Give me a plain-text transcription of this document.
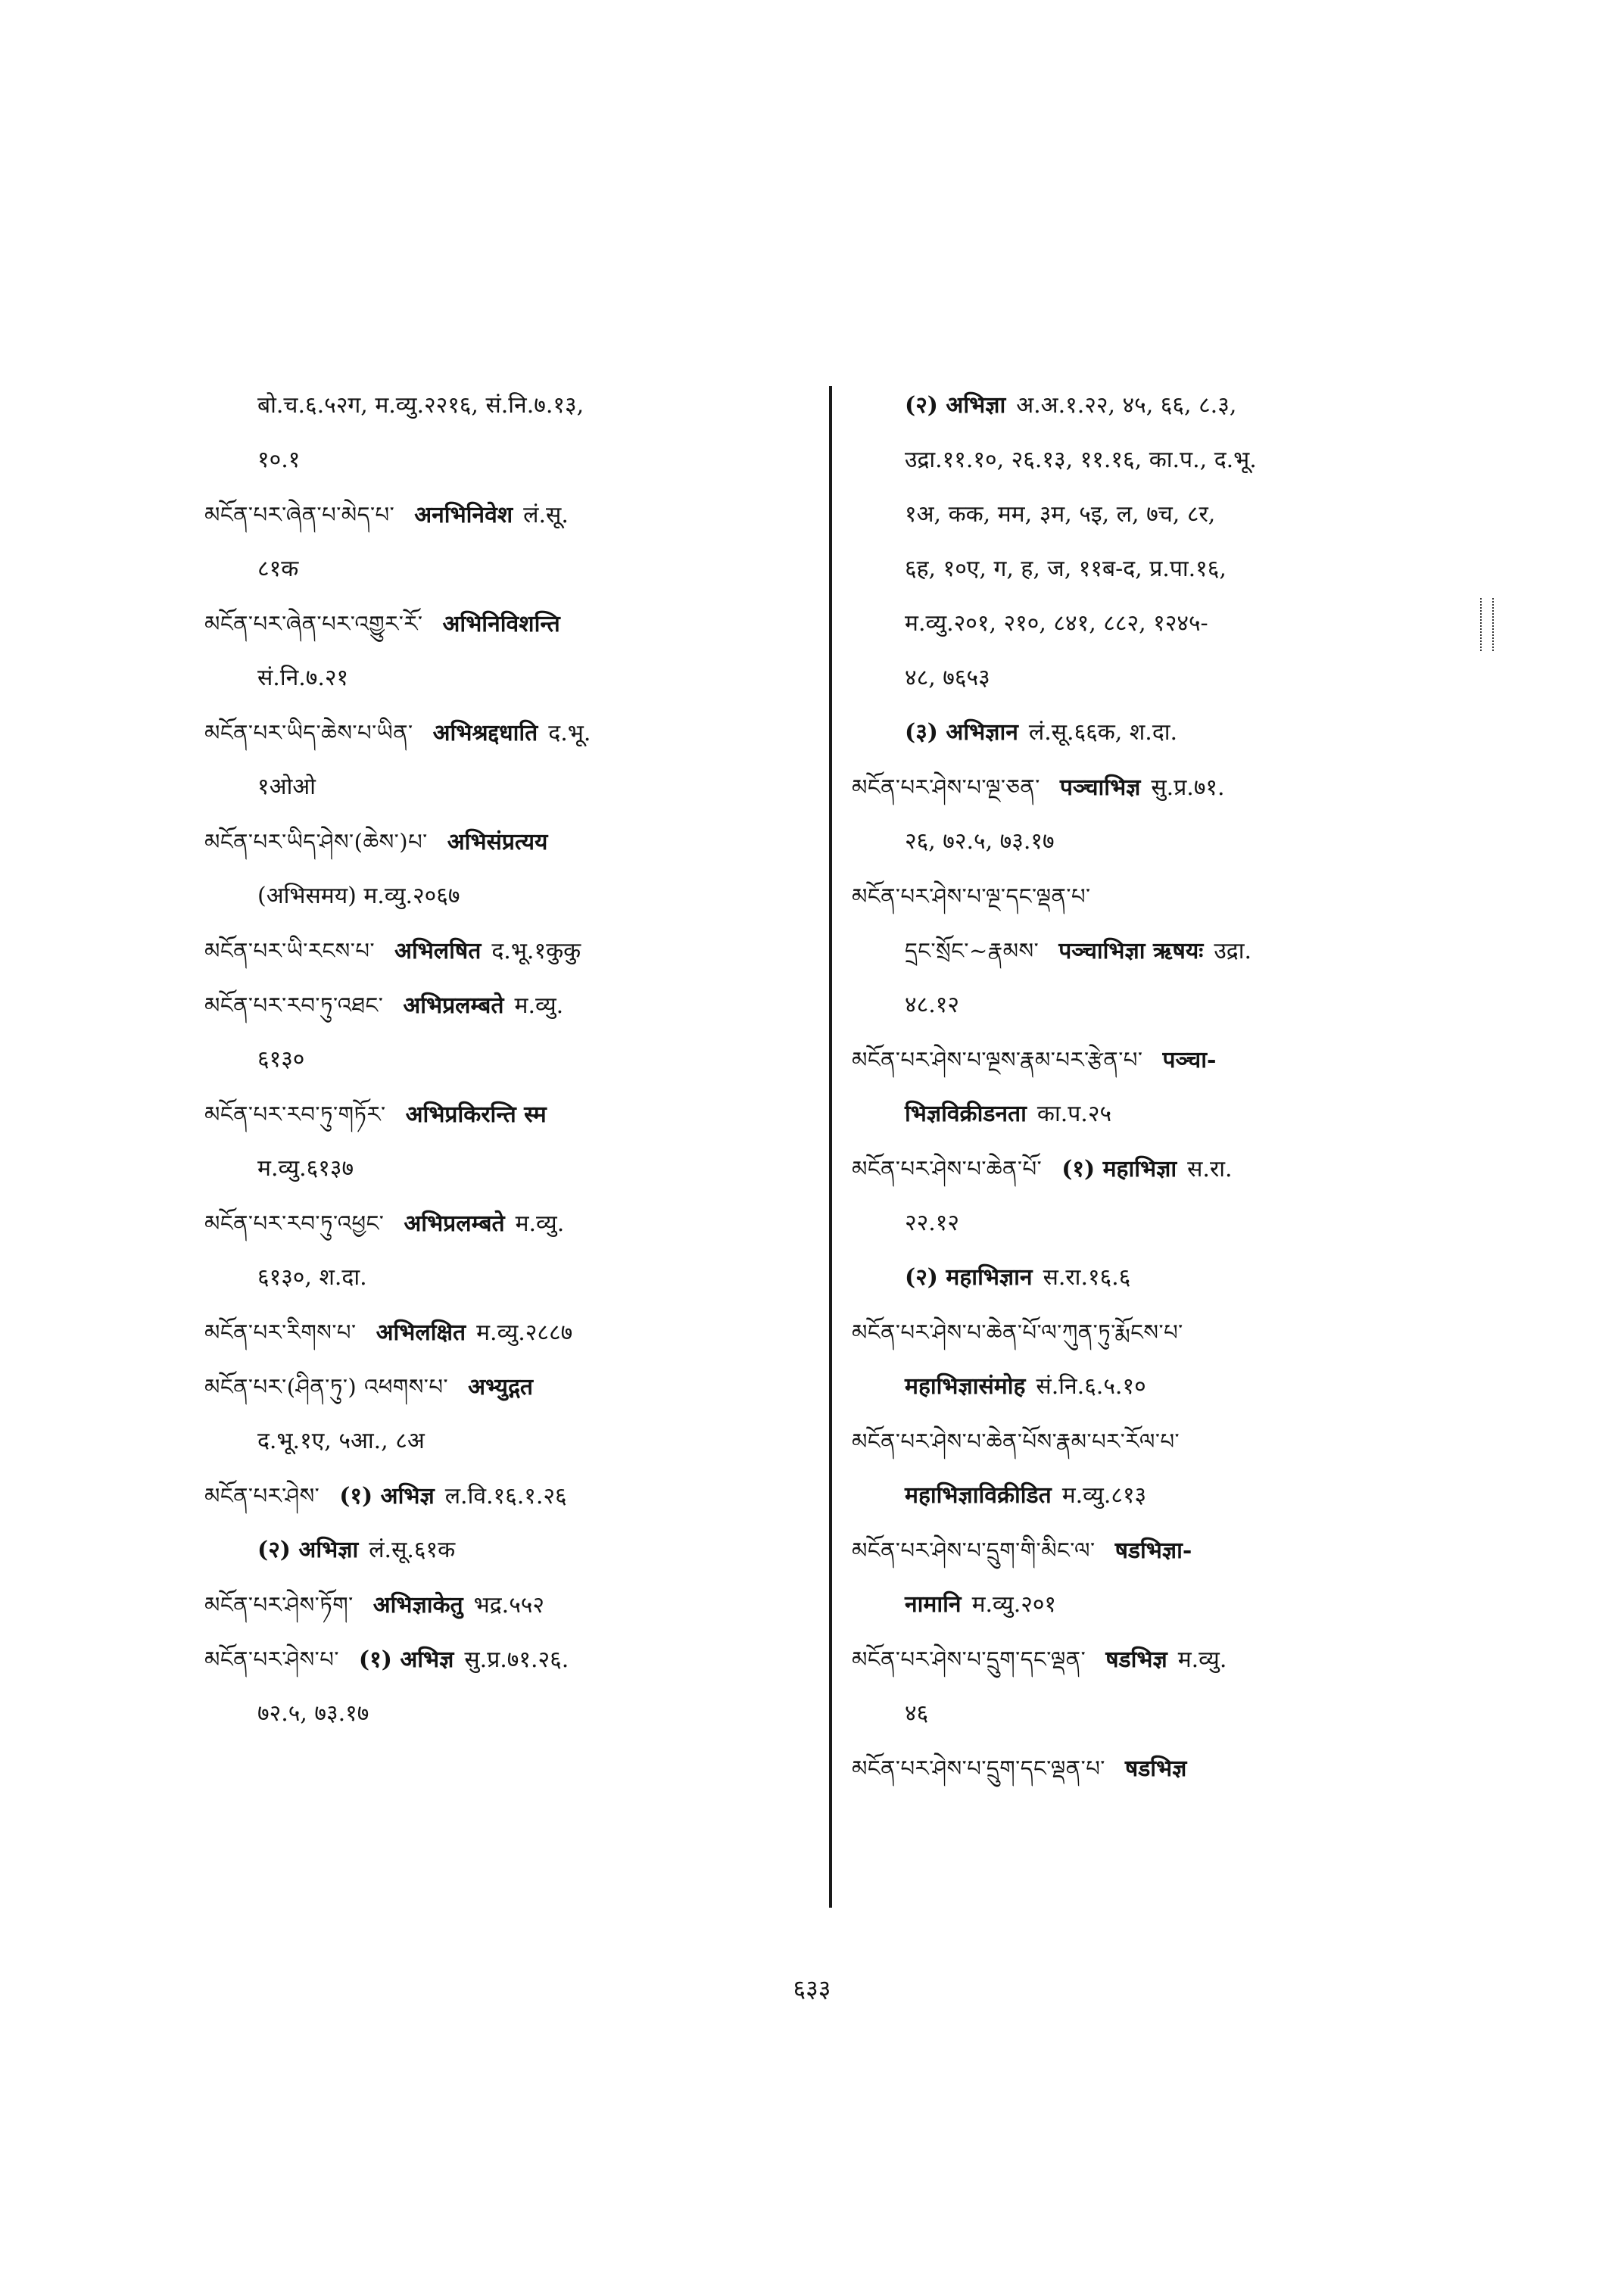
बो.च.६.५२ग, म.व्यु.२२१६, सं.नि.७.१३,
१०.१
མངོན་པར་ཞེན་པ་མེད་པ་ अनभिनिवेश लं.सू.
८१क
མངོན་པར་ཞེན་པར་འགྱུར་རོ་ अभिनिविशन्ति
सं.नि.७.२१
མངོན་པར་ཡིད་ཆེས་པ་ཡིན་ अभिश्रद्दधाति द.भू.
१ओओ
མངོན་པར་ཡིད་ཤེས་(ཆེས་)པ་ अभिसंप्रत्यय
(अभिसमय) म.व्यु.२०६७
མངོན་པར་ཡི་རངས་པ་ अभिलषित द.भू.१कुकु
མངོན་པར་རབ་ཏུ་འཐང་ अभिप्रलम्बते म.व्यु.
६१३०
མངོན་པར་རབ་ཏུ་གཏོར་ अभिप्रकिरन्ति स्म
म.व्यु.६१३७
མངོན་པར་རབ་ཏུ་འཕྱང་ अभिप्रलम्बते म.व्यु.
६१३०, श.दा.
མངོན་པར་རིགས་པ་ अभिलक्षित म.व्यु.२८८७
མངོན་པར་(ཤིན་ཏུ་) འཕགས་པ་ अभ्युद्गत
द.भू.१ए, ५आ., ८अ
མངོན་པར་ཤེས་ (१) अभिज्ञ ल.वि.१६.१.२६
(२) अभिज्ञा लं.सू.६१क
མངོན་པར་ཤེས་ཏོག་ अभिज्ञाकेतु भद्र.५५२
མངོན་པར་ཤེས་པ་ (१) अभिज्ञ सु.प्र.७१.२६.
७२.५, ७३.१७
(२) अभिज्ञा अ.अ.१.२२, ४५, ६६, ८.३,
उद्रा.११.१०, २६.१३, ११.१६, का.प., द.भू.
१अ, कक, मम, ३म, ५इ, ल, ७च, ८र,
६ह, १०ए, ग, ह, ज, ११ब-द, प्र.पा.१६,
म.व्यु.२०१, २१०, ८४१, ८८२, १२४५-
४८, ७६५३
(३) अभिज्ञान लं.सू.६६क, श.दा.
མངོན་པར་ཤེས་པ་ལྔ་ཅན་ पञ्चाभिज्ञ सु.प्र.७१.
२६, ७२.५, ७३.१७
མངོན་པར་ཤེས་པ་ལྔ་དང་ལྡན་པ་
དྲང་སྲོང་~རྣམས་ पञ्चाभिज्ञा ऋषयः उद्रा.
४८.१२
མངོན་པར་ཤེས་པ་ལྔས་རྣམ་པར་རྩེན་པ་ पञ्चा-
भिज्ञविक्रीडनता का.प.२५
མངོན་པར་ཤེས་པ་ཆེན་པོ་ (१) महाभिज्ञा स.रा.
२२.१२
(२) महाभिज्ञान स.रा.१६.६
མངོན་པར་ཤེས་པ་ཆེན་པོ་ལ་ཀུན་ཏུ་རྨོངས་པ་
महाभिज्ञासंमोह सं.नि.६.५.१०
མངོན་པར་ཤེས་པ་ཆེན་པོས་རྣམ་པར་རོལ་པ་
महाभिज्ञाविक्रीडित म.व्यु.८१३
མངོན་པར་ཤེས་པ་དྲུག་གི་མིང་ལ་ षडभिज्ञा-
नामानि म.व्यु.२०१
མངོན་པར་ཤེས་པ་དྲུག་དང་ལྡན་ षडभिज्ञ म.व्यु.
४६
མངོན་པར་ཤེས་པ་དྲུག་དང་ལྡན་པ་ षडभिज्ञ
६३३
